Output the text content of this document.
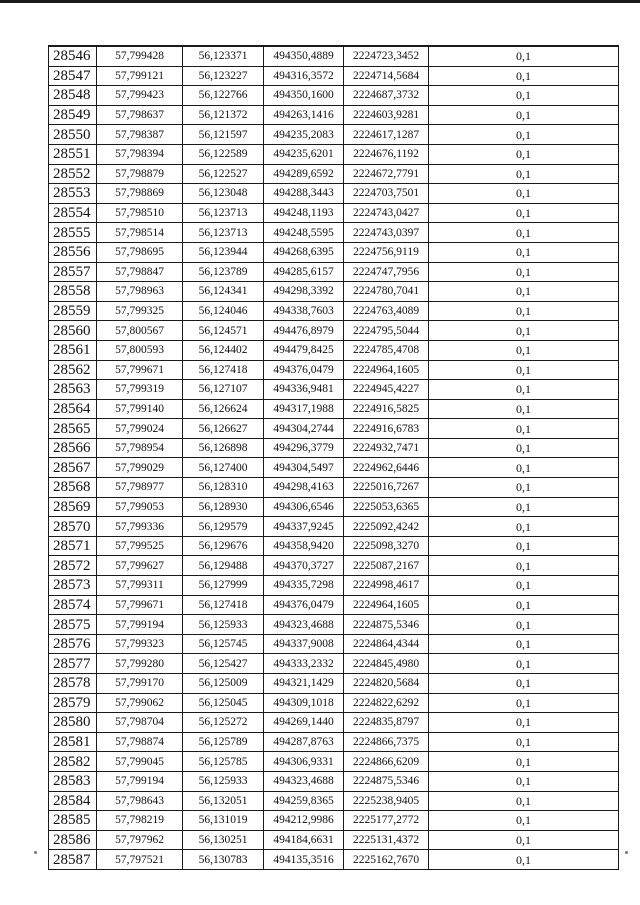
28546	57,799428	56,123371	494350,4889	2224723,3452	0,1
28547	57,799121	56,123227	494316,3572	2224714,5684	0,1
28548	57,799423	56,122766	494350,1600	2224687,3732	0,1
28549	57,798637	56,121372	494263,1416	2224603,9281	0,1
28550	57,798387	56,121597	494235,2083	2224617,1287	0,1
28551	57,798394	56,122589	494235,6201	2224676,1192	0,1
28552	57,798879	56,122527	494289,6592	2224672,7791	0,1
28553	57,798869	56,123048	494288,3443	2224703,7501	0,1
28554	57,798510	56,123713	494248,1193	2224743,0427	0,1
28555	57,798514	56,123713	494248,5595	2224743,0397	0,1
28556	57,798695	56,123944	494268,6395	2224756,9119	0,1
28557	57,798847	56,123789	494285,6157	2224747,7956	0,1
28558	57,798963	56,124341	494298,3392	2224780,7041	0,1
28559	57,799325	56,124046	494338,7603	2224763,4089	0,1
28560	57,800567	56,124571	494476,8979	2224795,5044	0,1
28561	57,800593	56,124402	494479,8425	2224785,4708	0,1
28562	57,799671	56,127418	494376,0479	2224964,1605	0,1
28563	57,799319	56,127107	494336,9481	2224945,4227	0,1
28564	57,799140	56,126624	494317,1988	2224916,5825	0,1
28565	57,799024	56,126627	494304,2744	2224916,6783	0,1
28566	57,798954	56,126898	494296,3779	2224932,7471	0,1
28567	57,799029	56,127400	494304,5497	2224962,6446	0,1
28568	57,798977	56,128310	494298,4163	2225016,7267	0,1
28569	57,799053	56,128930	494306,6546	2225053,6365	0,1
28570	57,799336	56,129579	494337,9245	2225092,4242	0,1
28571	57,799525	56,129676	494358,9420	2225098,3270	0,1
28572	57,799627	56,129488	494370,3727	2225087,2167	0,1
28573	57,799311	56,127999	494335,7298	2224998,4617	0,1
28574	57,799671	56,127418	494376,0479	2224964,1605	0,1
28575	57,799194	56,125933	494323,4688	2224875,5346	0,1
28576	57,799323	56,125745	494337,9008	2224864,4344	0,1
28577	57,799280	56,125427	494333,2332	2224845,4980	0,1
28578	57,799170	56,125009	494321,1429	2224820,5684	0,1
28579	57,799062	56,125045	494309,1018	2224822,6292	0,1
28580	57,798704	56,125272	494269,1440	2224835,8797	0,1
28581	57,798874	56,125789	494287,8763	2224866,7375	0,1
28582	57,799045	56,125785	494306,9331	2224866,6209	0,1
28583	57,799194	56,125933	494323,4688	2224875,5346	0,1
28584	57,798643	56,132051	494259,8365	2225238,9405	0,1
28585	57,798219	56,131019	494212,9986	2225177,2772	0,1
28586	57,797962	56,130251	494184,6631	2225131,4372	0,1
28587	57,797521	56,130783	494135,3516	2225162,7670	0,1
